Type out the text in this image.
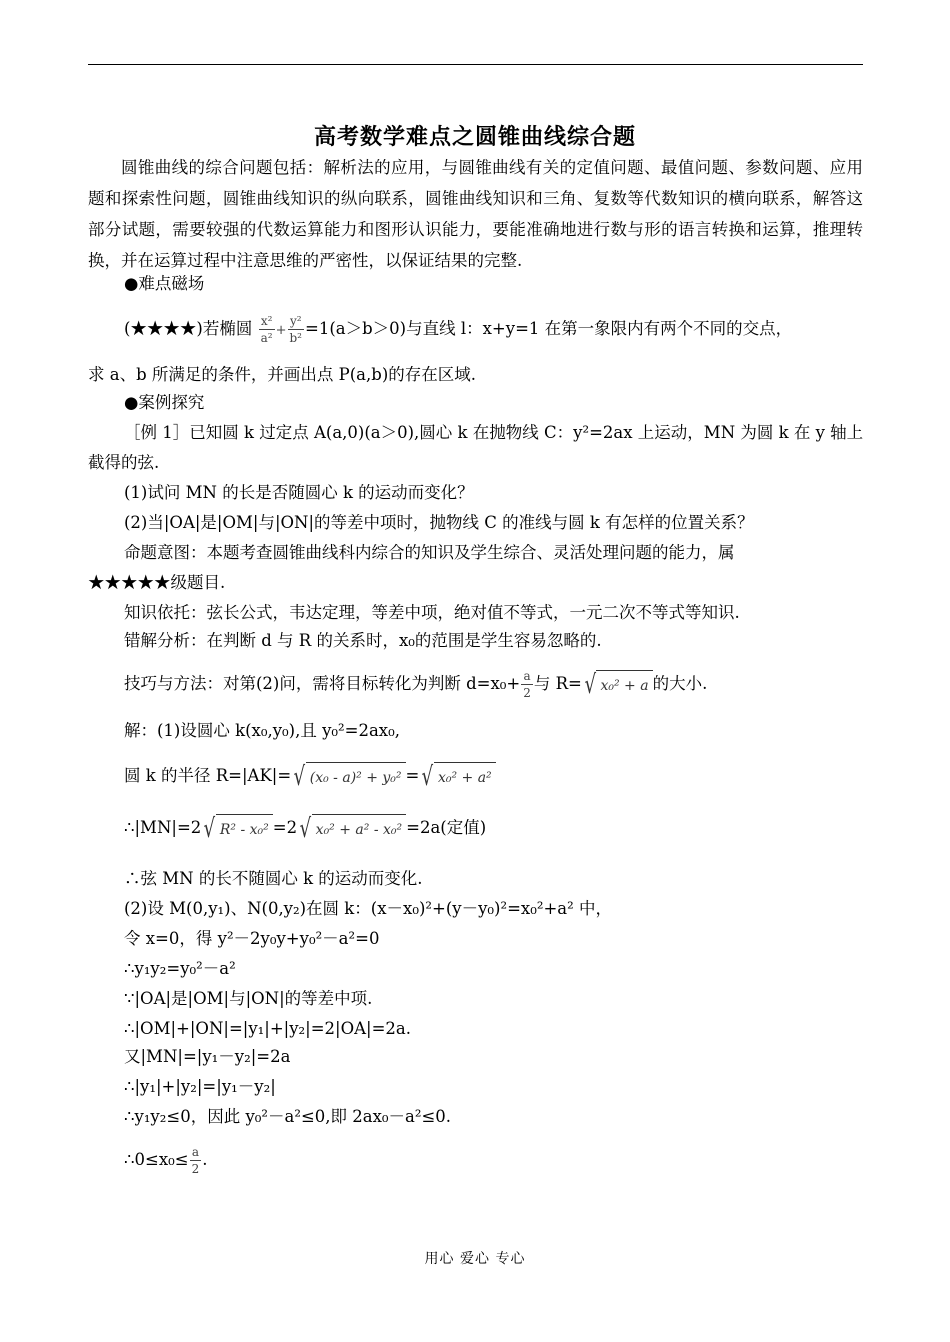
高考数学难点之圆锥曲线综合题
圆锥曲线的综合问题包括：解析法的应用，与圆锥曲线有关的定值问题、最值问题、参数问题、应用题和探索性问题，圆锥曲线知识的纵向联系，圆锥曲线知识和三角、复数等代数知识的横向联系，解答这部分试题，需要较强的代数运算能力和图形认识能力，要能准确地进行数与形的语言转换和运算，推理转换，并在运算过程中注意思维的严密性，以保证结果的完整.
●难点磁场
(★★★★)若椭圆 $\frac{\text{x²}}{\text{a²}} + \frac{\text{y²}}{\text{b²}} =1(a>b>0)$与直线 l：x+y=1 在第一象限内有两个不同的交点，
求 a、b 所满足的条件，并画出点 P(a,b)的存在区域.
●案例探究
［例 1］已知圆 k 过定点 A(a,0)(a＞0),圆心 k 在抛物线 C：y²=2ax 上运动，MN 为圆 k 在 y 轴上
截得的弦.
(1)试问 MN 的长是否随圆心 k 的运动而变化？
(2)当|OA|是|OM|与|ON|的等差中项时，抛物线 C 的准线与圆 k 有怎样的位置关系？
命题意图：本题考查圆锥曲线科内综合的知识及学生综合、灵活处理问题的能力，属
★★★★★级题目.
知识依托：弦长公式，韦达定理，等差中项，绝对值不等式，一元二次不等式等知识.
错解分析：在判断 d 与 R 的关系时，x₀的范围是学生容易忽略的.
技巧与方法：对第(2)问，需将目标转化为判断 $d=x_0+ \frac{a}{2}$ 与 R= √ x₀² + a 的大小.
解：(1)设圆心 k(x₀,y₀),且 y₀²=2ax₀,
圆 k 的半径 R=|AK|= √ (x₀ - a)² + y₀² = √ x₀² + a²
∴|MN|=2 √ R² - x₀² =2 √ x₀² + a² - x₀² =2a(定值)
∴弦 MN 的长不随圆心 k 的运动而变化.
(2)设 M(0,y₁)、N(0,y₂)在圆 k：(x－x₀)²+(y－y₀)²=x₀²+a² 中，
令 x=0，得 y²－2y₀y+y₀²－a²=0
∴y₁y₂=y₀²－a²
∵|OA|是|OM|与|ON|的等差中项.
∴|OM|+|ON|=|y₁|+|y₂|=2|OA|=2a.
又|MN|=|y₁－y₂|=2a
∴|y₁|+|y₂|=|y₁－y₂|
∴y₁y₂≤0，因此 y₀²－a²≤0,即 2ax₀－a²≤0.
∴0≤x₀≤ $\frac{a}{2}$ .
用心 爱心 专心
